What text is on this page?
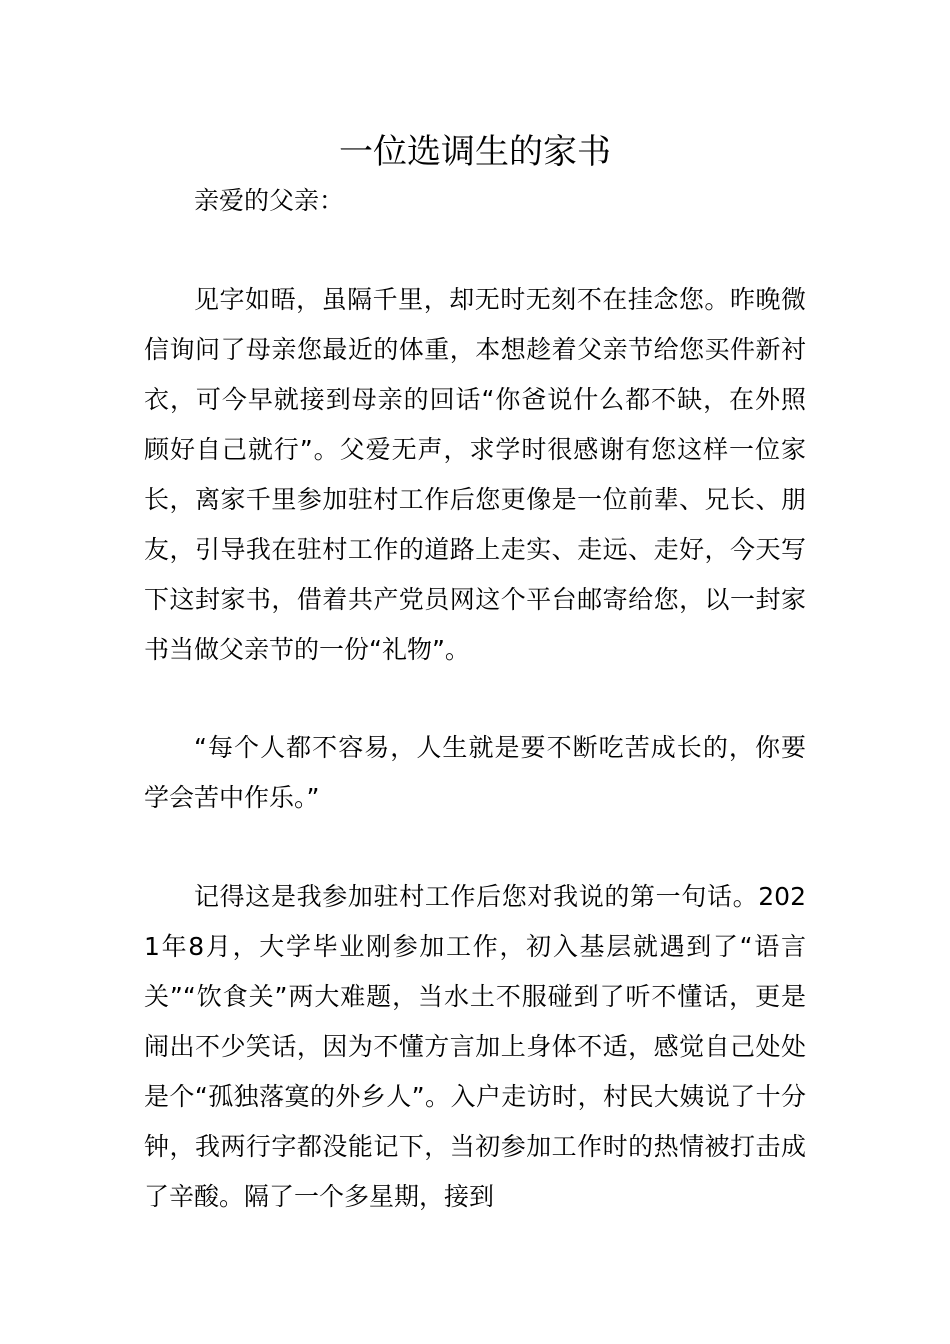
一位选调生的家书

亲爱的父亲：

见字如晤，虽隔千里，却无时无刻不在挂念您。昨晚微信询问了母亲您最近的体重，本想趁着父亲节给您买件新衬衣，可今早就接到母亲的回话“你爸说什么都不缺，在外照顾好自己就行”。父爱无声，求学时很感谢有您这样一位家长，离家千里参加驻村工作后您更像是一位前辈、兄长、朋友，引导我在驻村工作的道路上走实、走远、走好，今天写下这封家书，借着共产党员网这个平台邮寄给您，以一封家书当做父亲节的一份“礼物”。

“每个人都不容易，人生就是要不断吃苦成长的，你要学会苦中作乐。”

记得这是我参加驻村工作后您对我说的第一句话。2021年8月，大学毕业刚参加工作，初入基层就遇到了“语言关”“饮食关”两大难题，当水土不服碰到了听不懂话，更是闹出不少笑话，因为不懂方言加上身体不适，感觉自己处处是个“孤独落寞的外乡人”。入户走访时，村民大姨说了十分钟，我两行字都没能记下，当初参加工作时的热情被打击成了辛酸。隔了一个多星期，接到
